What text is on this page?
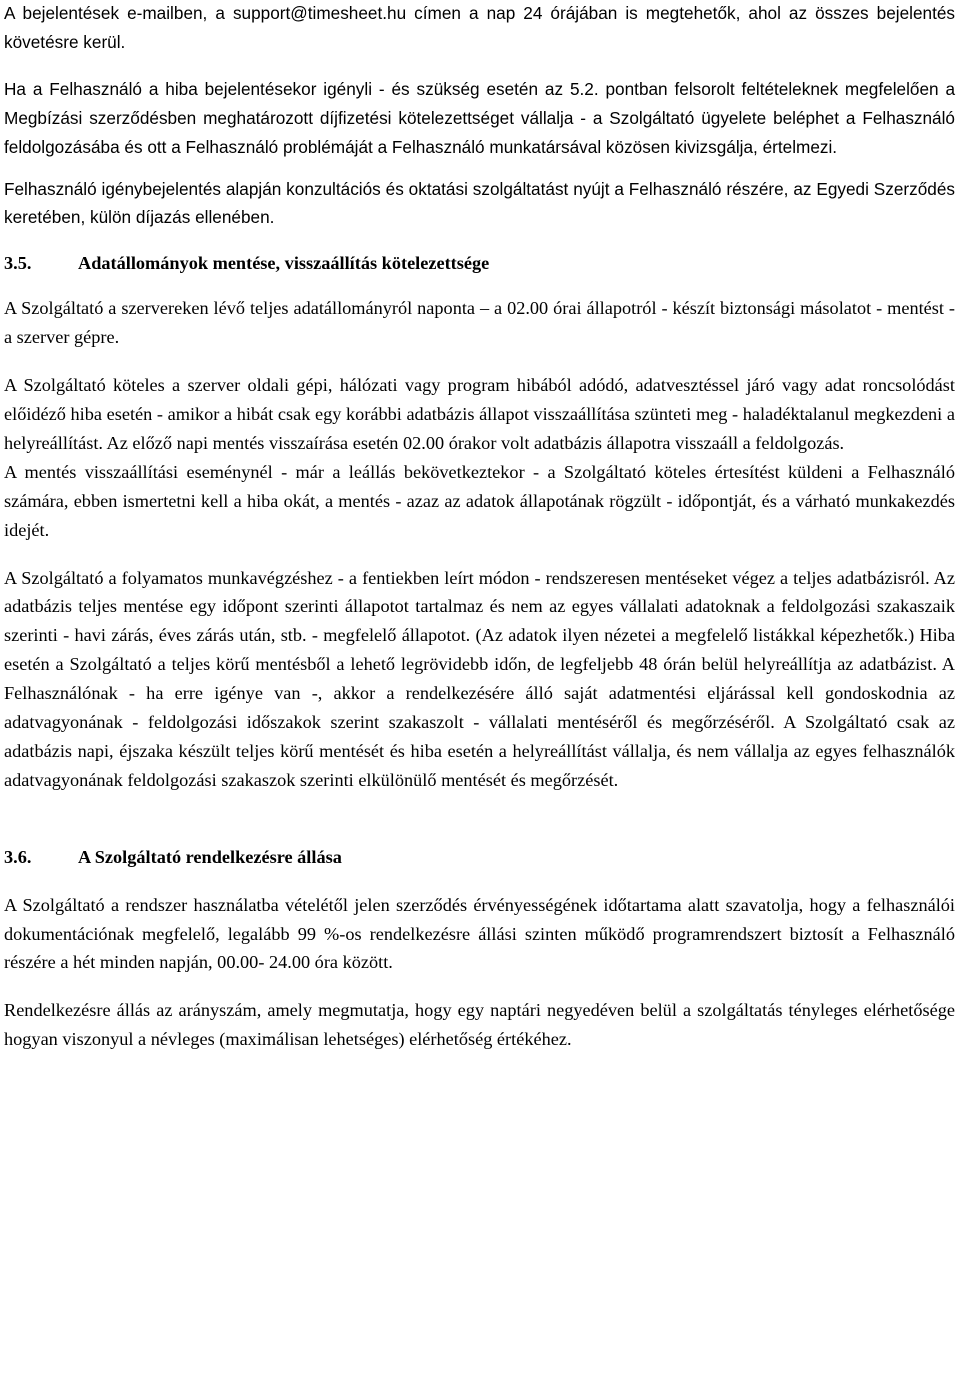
A bejelentések e-mailben, a support@timesheet.hu címen a nap 24 órájában is megtehetők, ahol az összes bejelentés követésre kerül.

Ha a Felhasználó a hiba bejelentésekor igényli - és szükség esetén az 5.2. pontban felsorolt feltételeknek megfelelően a Megbízási szerződésben meghatározott díjfizetési kötelezettséget vállalja - a Szolgáltató ügyelete beléphet a Felhasználó feldolgozásába és ott a Felhasználó problémáját a Felhasználó munkatársával közösen kivizsgálja, értelmezi.

Felhasználó igénybejelentés alapján konzultációs és oktatási szolgáltatást nyújt a Felhasználó részére, az Egyedi Szerződés keretében, külön díjazás ellenében.

3.5.	Adatállományok mentése, visszaállítás kötelezettsége

A Szolgáltató a szervereken lévő teljes adatállományról naponta – a 02.00 órai állapotról - készít biztonsági másolatot - mentést - a szerver gépre.

A Szolgáltató köteles a szerver oldali gépi, hálózati vagy program hibából adódó, adatvesztéssel járó vagy adat roncsolódást előidéző hiba esetén - amikor a hibát csak egy korábbi adatbázis állapot visszaállítása szünteti meg - haladéktalanul megkezdeni a helyreállítást. Az előző napi mentés visszaírása esetén 02.00 órakor volt adatbázis állapotra visszaáll a feldolgozás.

A mentés visszaállítási eseménynél - már a leállás bekövetkeztekor - a Szolgáltató köteles értesítést küldeni a Felhasználó számára, ebben ismertetni kell a hiba okát, a mentés - azaz az adatok állapotának rögzült - időpontját, és a várható munkakezdés idejét.

A Szolgáltató a folyamatos munkavégzéshez - a fentiekben leírt módon - rendszeresen mentéseket végez a teljes adatbázisról. Az adatbázis teljes mentése egy időpont szerinti állapotot tartalmaz és nem az egyes vállalati adatoknak a feldolgozási szakaszaik szerinti - havi zárás, éves zárás után, stb. - megfelelő állapotot. (Az adatok ilyen nézetei a megfelelő listákkal képezhetők.) Hiba esetén a Szolgáltató a teljes körű mentésből a lehető legrövidebb időn, de legfeljebb 48 órán belül helyreállítja az adatbázist. A Felhasználónak - ha erre igénye van -, akkor a rendelkezésére álló saját adatmentési eljárással kell gondoskodnia az adatvagyonának - feldolgozási időszakok szerint szakaszolt - vállalati mentéséről és megőrzéséről. A Szolgáltató csak az adatbázis napi, éjszaka készült teljes körű mentését és hiba esetén a helyreállítást vállalja, és nem vállalja az egyes felhasználók adatvagyonának feldolgozási szakaszok szerinti elkülönülő mentését és megőrzését.

3.6.	A Szolgáltató rendelkezésre állása

A Szolgáltató a rendszer használatba vételétől jelen szerződés érvényességének időtartama alatt szavatolja, hogy a felhasználói dokumentációnak megfelelő, legalább 99 %-os rendelkezésre állási szinten működő programrendszert biztosít a Felhasználó részére a hét minden napján, 00.00- 24.00 óra között.

Rendelkezésre állás az arányszám, amely megmutatja, hogy egy naptári negyedéven belül a szolgáltatás tényleges elérhetősége hogyan viszonyul a névleges (maximálisan lehetséges) elérhetőség értékéhez.
